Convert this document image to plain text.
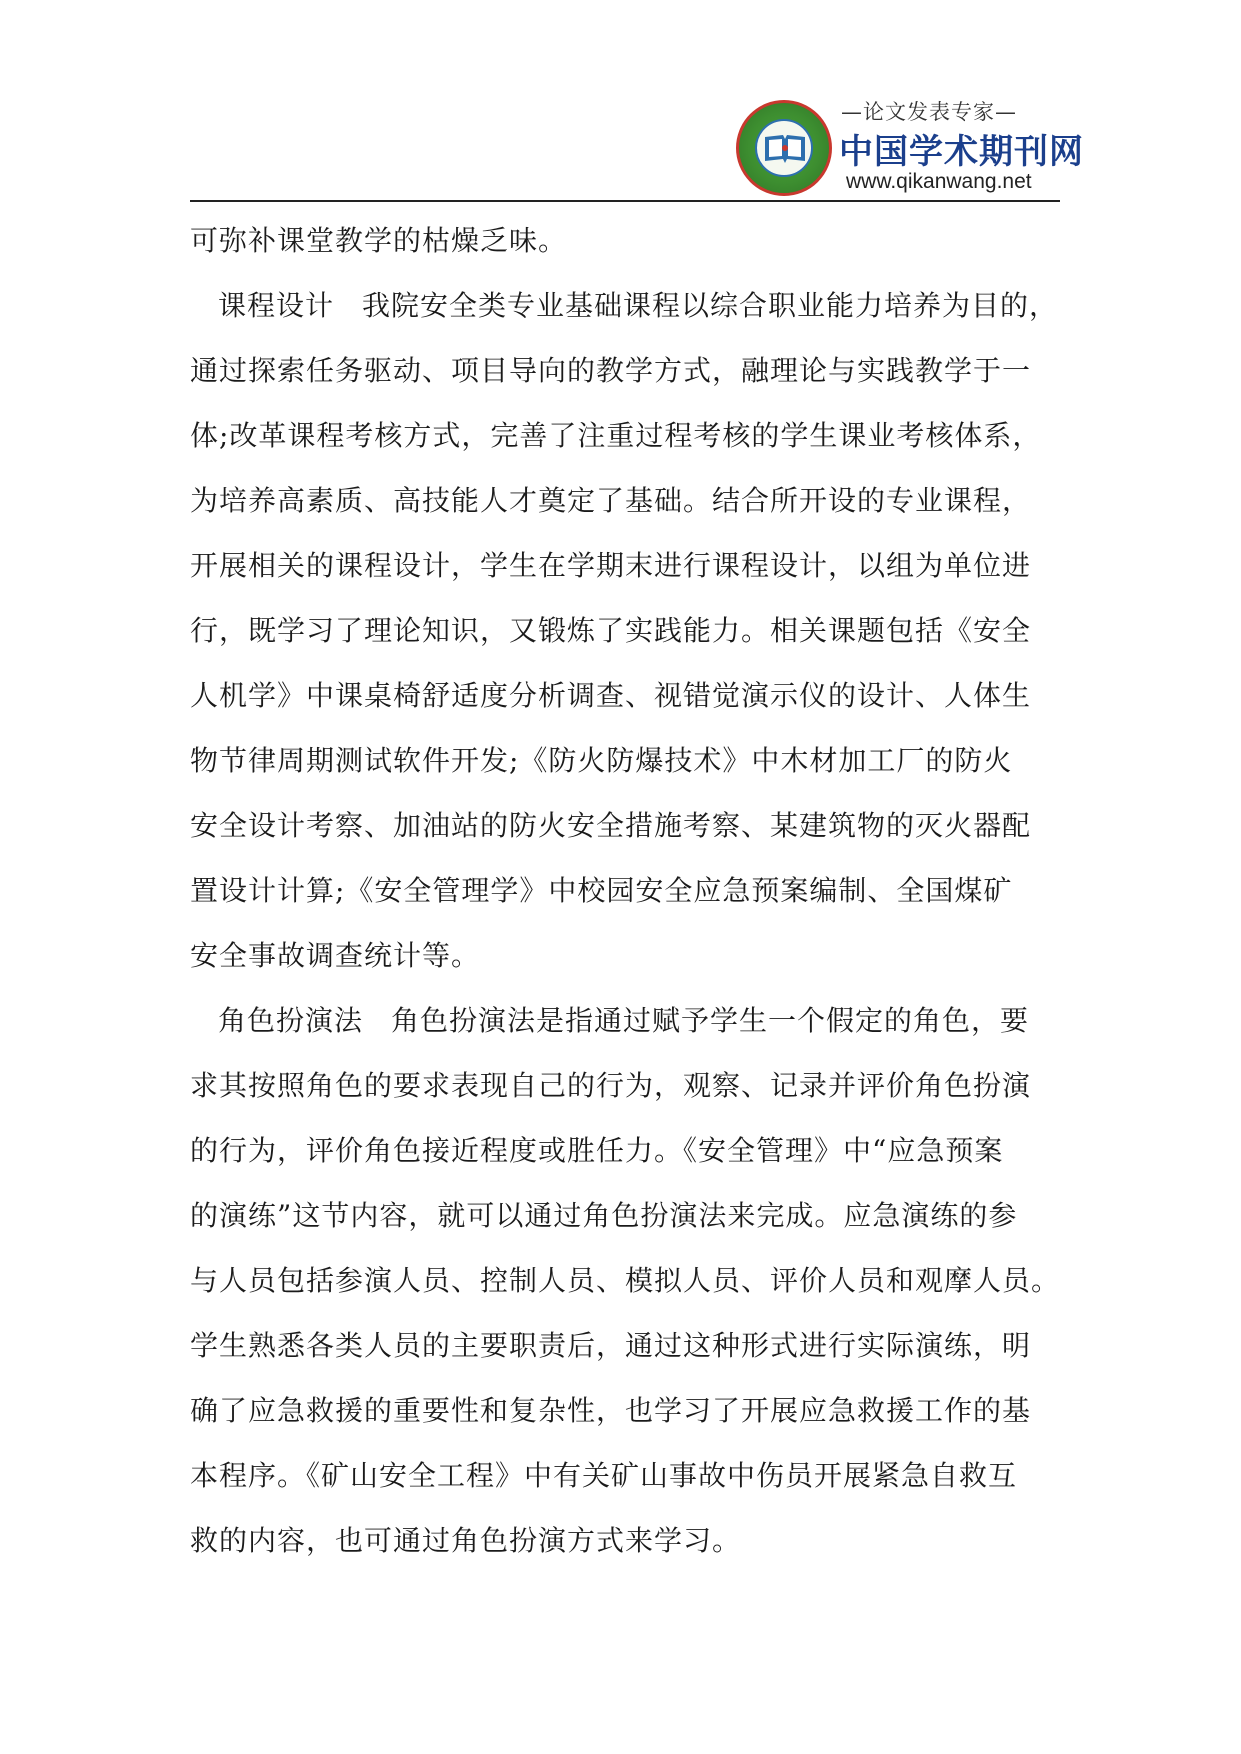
—论文发表专家—
中国学术期刊网
www.qikanwang.net

可弥补课堂教学的枯燥乏味。

课程设计 我院安全类专业基础课程以综合职业能力培养为目的，
通过探索任务驱动、项目导向的教学方式，融理论与实践教学于一
体;改革课程考核方式，完善了注重过程考核的学生课业考核体系，
为培养高素质、高技能人才奠定了基础。结合所开设的专业课程，
开展相关的课程设计，学生在学期末进行课程设计，以组为单位进
行，既学习了理论知识，又锻炼了实践能力。相关课题包括《安全
人机学》中课桌椅舒适度分析调查、视错觉演示仪的设计、人体生
物节律周期测试软件开发;《防火防爆技术》中木材加工厂的防火
安全设计考察、加油站的防火安全措施考察、某建筑物的灭火器配
置设计计算;《安全管理学》中校园安全应急预案编制、全国煤矿
安全事故调查统计等。

角色扮演法 角色扮演法是指通过赋予学生一个假定的角色，要
求其按照角色的要求表现自己的行为，观察、记录并评价角色扮演
的行为，评价角色接近程度或胜任力。《安全管理》中“应急预案
的演练”这节内容，就可以通过角色扮演法来完成。应急演练的参
与人员包括参演人员、控制人员、模拟人员、评价人员和观摩人员。
学生熟悉各类人员的主要职责后，通过这种形式进行实际演练，明
确了应急救援的重要性和复杂性，也学习了开展应急救援工作的基
本程序。《矿山安全工程》中有关矿山事故中伤员开展紧急自救互
救的内容，也可通过角色扮演方式来学习。
